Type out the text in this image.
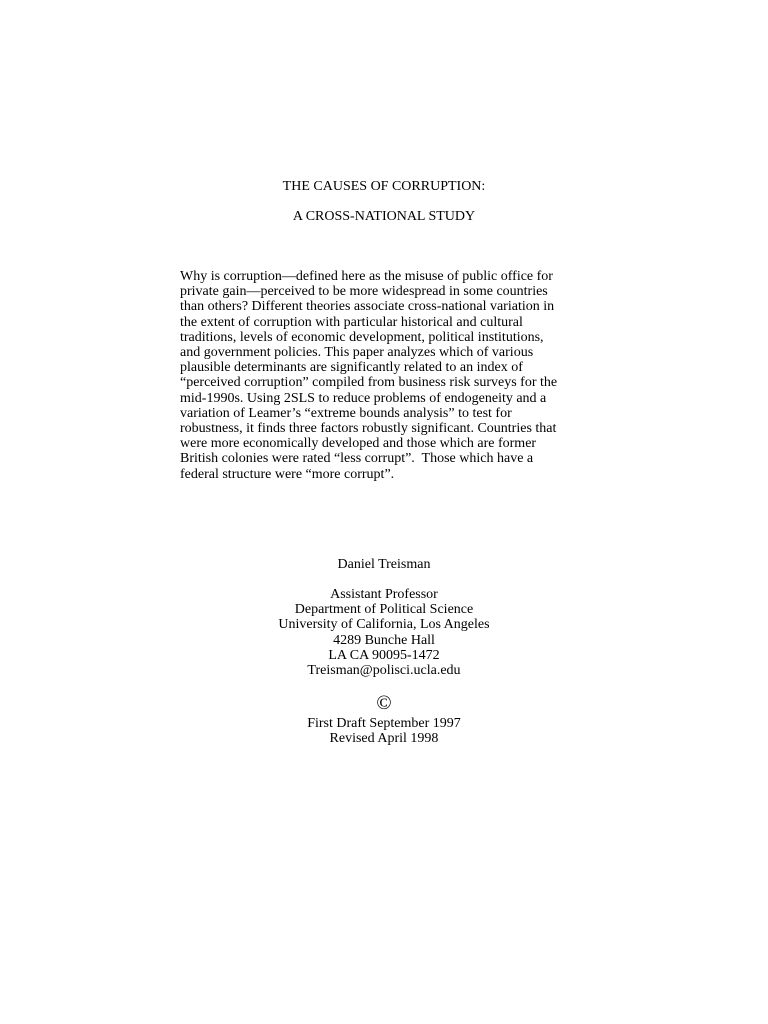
THE CAUSES OF CORRUPTION:
A CROSS-NATIONAL STUDY
Why is corruption—defined here as the misuse of public office for
private gain—perceived to be more widespread in some countries
than others? Different theories associate cross-national variation in
the extent of corruption with particular historical and cultural
traditions, levels of economic development, political institutions,
and government policies. This paper analyzes which of various
plausible determinants are significantly related to an index of
“perceived corruption” compiled from business risk surveys for the
mid-1990s. Using 2SLS to reduce problems of endogeneity and a
variation of Leamer’s “extreme bounds analysis” to test for
robustness, it finds three factors robustly significant. Countries that
were more economically developed and those which are former
British colonies were rated “less corrupt”.  Those which have a
federal structure were “more corrupt”.
Daniel Treisman
Assistant Professor
Department of Political Science
University of California, Los Angeles
4289 Bunche Hall
LA CA 90095-1472
Treisman@polisci.ucla.edu
©
First Draft September 1997
Revised April 1998
